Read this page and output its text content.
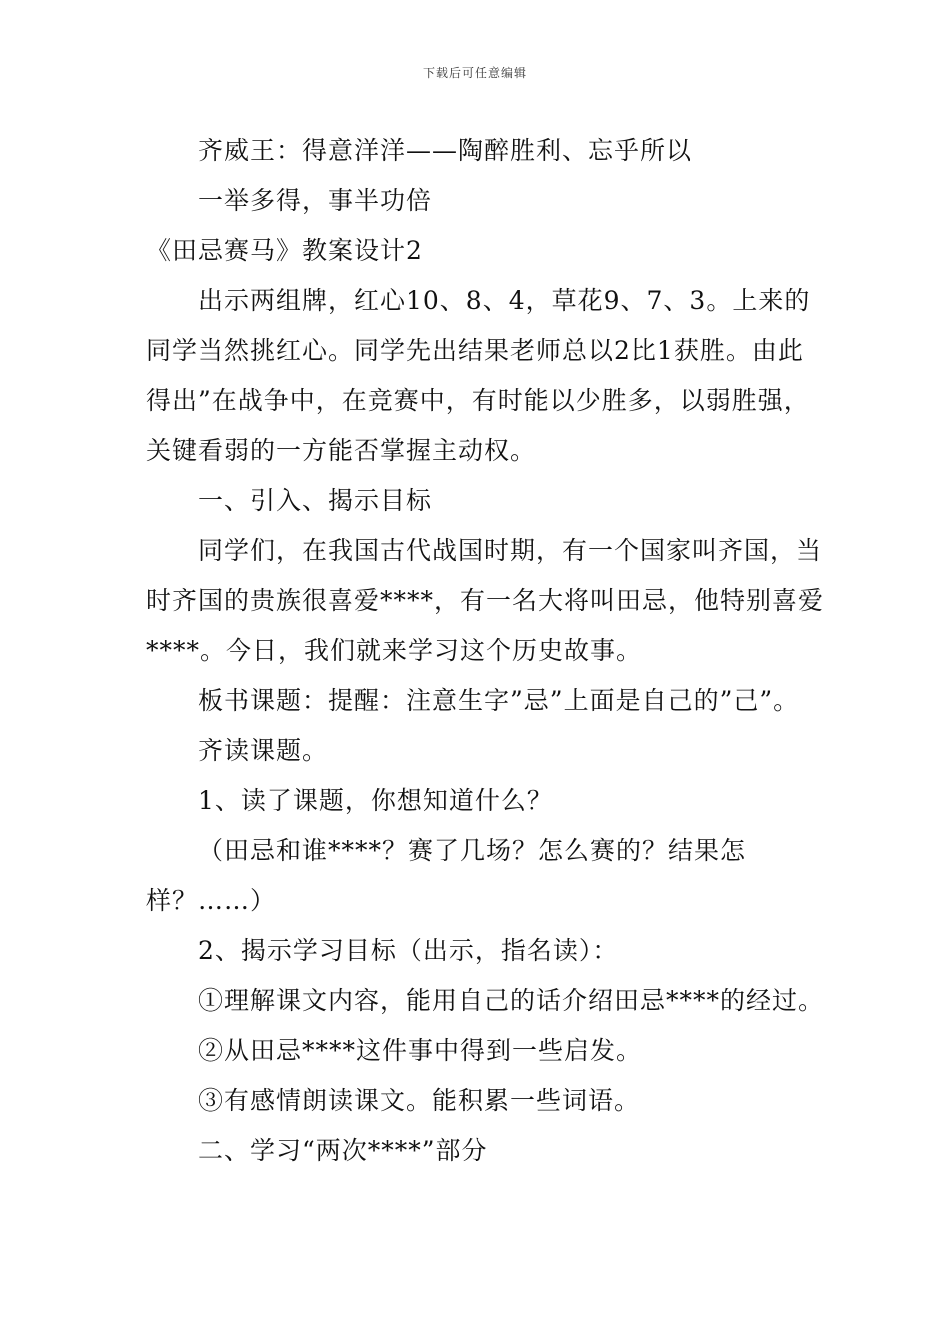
下载后可任意编辑

齐威王：得意洋洋——陶醉胜利、忘乎所以

一举多得，事半功倍

《田忌赛马》教案设计2

出示两组牌，红心10、8、4，草花9、7、3。上来的同学当然挑红心。同学先出结果老师总以2比1获胜。由此得出”在战争中，在竞赛中，有时能以少胜多，以弱胜强，关键看弱的一方能否掌握主动权。

一、引入、揭示目标

同学们，在我国古代战国时期，有一个国家叫齐国，当时齐国的贵族很喜爱****，有一名大将叫田忌，他特别喜爱****。今日，我们就来学习这个历史故事。

板书课题：提醒：注意生字”忌”上面是自己的”己”。

齐读课题。

1、读了课题，你想知道什么？

（田忌和谁****？赛了几场？怎么赛的？结果怎样？……）

2、揭示学习目标（出示，指名读）：

①理解课文内容，能用自己的话介绍田忌****的经过。

②从田忌****这件事中得到一些启发。

③有感情朗读课文。能积累一些词语。

二、学习“两次****”部分
